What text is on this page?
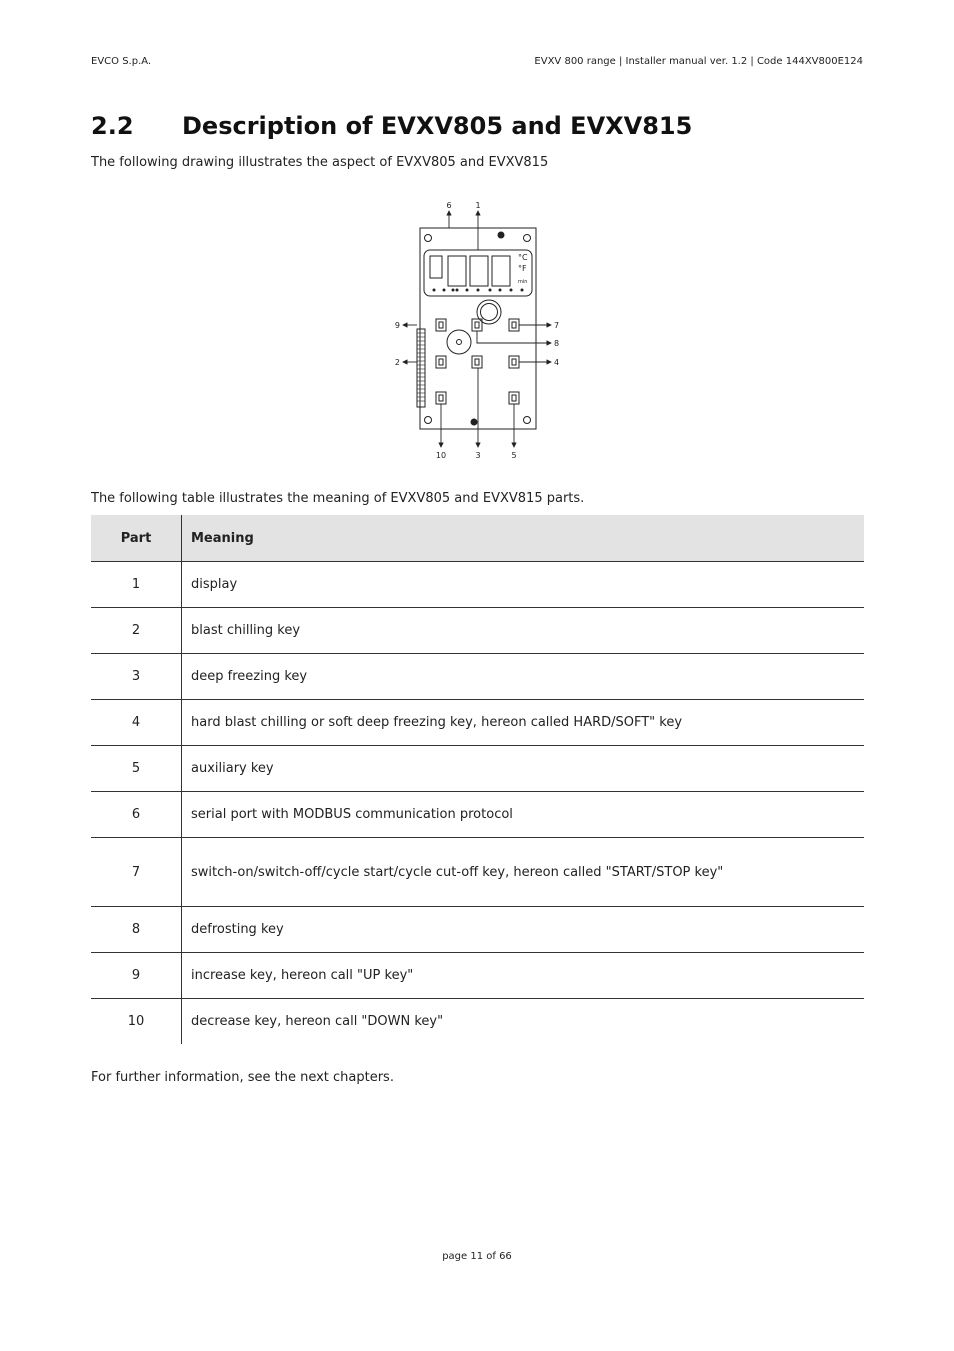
EVCO S.p.A.	EVXV 800 range | Installer manual ver. 1.2 | Code 144XV800E124
2.2 Description of EVXV805 and EVXV815
The following drawing illustrates the aspect of EVXV805 and EVXV815
°C
°F
min
6	1
9	7
8
2	4
10	3	5
The following table illustrates the meaning of EVXV805 and EVXV815 parts.
Part	Meaning
1	display
2	blast chilling key
3	deep freezing key
4	hard blast chilling or soft deep freezing key, hereon called HARD/SOFT" key
5	auxiliary key
6	serial port with MODBUS communication protocol
7	switch-on/switch-off/cycle start/cycle cut-off key, hereon called "START/STOP key"
8	defrosting key
9	increase key, hereon call "UP key"
10	decrease key, hereon call "DOWN key"
For further information, see the next chapters.
page 11 of 66
